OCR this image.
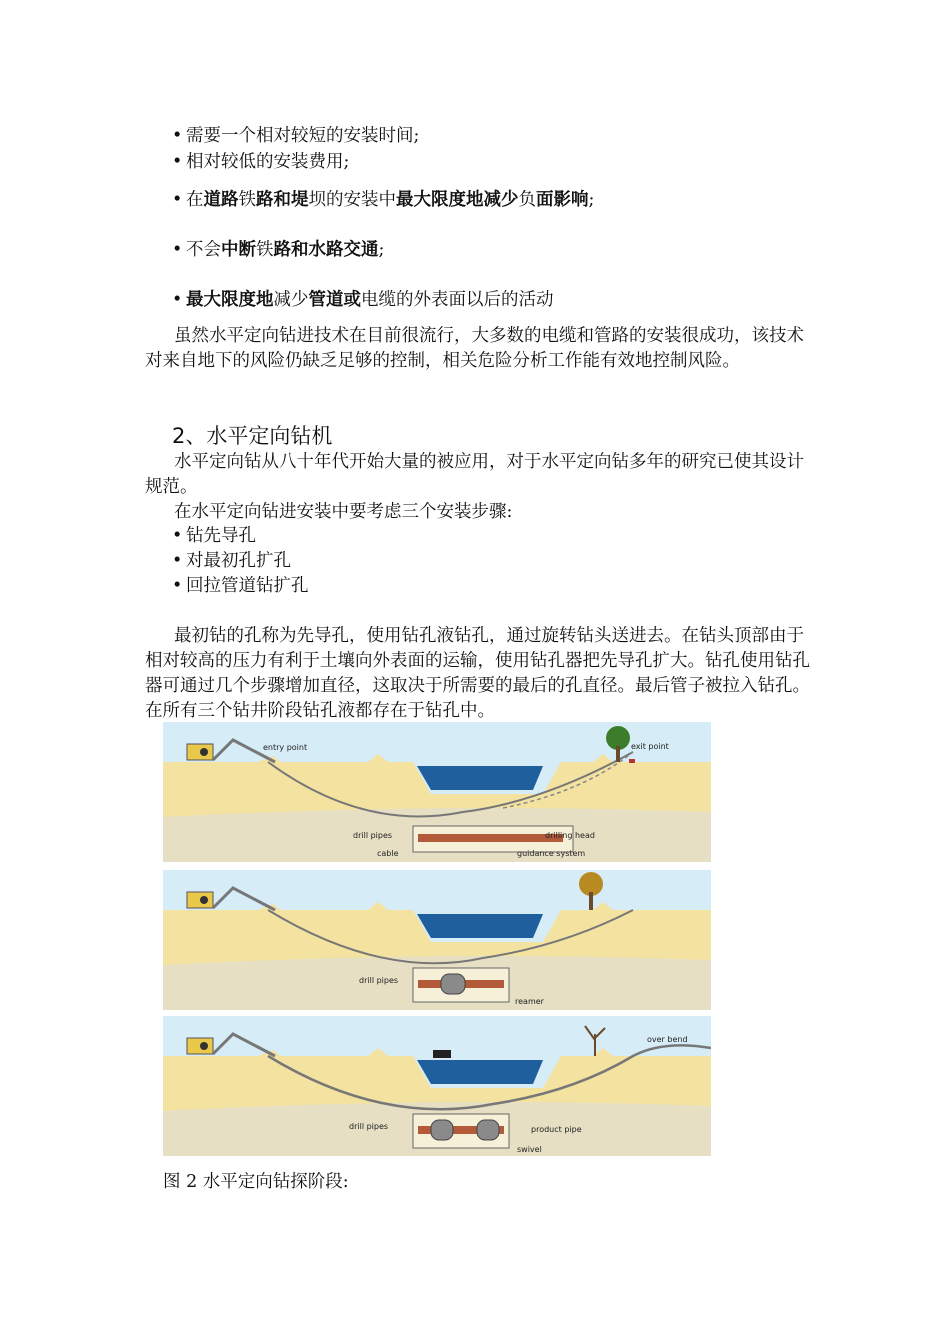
• 需要一个相对较短的安装时间;
• 相对较低的安装费用;
• 在道路铁路和堤坝的安装中最大限度地减少负面影响;
• 不会中断铁路和水路交通;
• 最大限度地减少管道或电缆的外表面以后的活动

虽然水平定向钻进技术在目前很流行，大多数的电缆和管路的安装很成功，该技术对来自地下的风险仍缺乏足够的控制，相关危险分析工作能有效地控制风险。

2、水平定向钻机

水平定向钻从八十年代开始大量的被应用，对于水平定向钻多年的研究已使其设计规范。

在水平定向钻进安装中要考虑三个安装步骤:

• 钻先导孔
• 对最初孔扩孔
• 回拉管道钻扩孔

最初钻的孔称为先导孔，使用钻孔液钻孔，通过旋转钻头送进去。在钻头顶部由于相对较高的压力有利于土壤向外表面的运输，使用钻孔器把先导孔扩大。钻孔使用钻孔器可通过几个步骤增加直径，这取决于所需要的最后的孔直径。最后管子被拉入钻孔。在所有三个钻井阶段钻孔液都存在于钻孔中。

entry point	exit point
drill pipes	drilling head
cable	guidance system
drill pipes
reamer
over bend
drill pipes	product pipe
swivel
图 2 水平定向钻探阶段:
